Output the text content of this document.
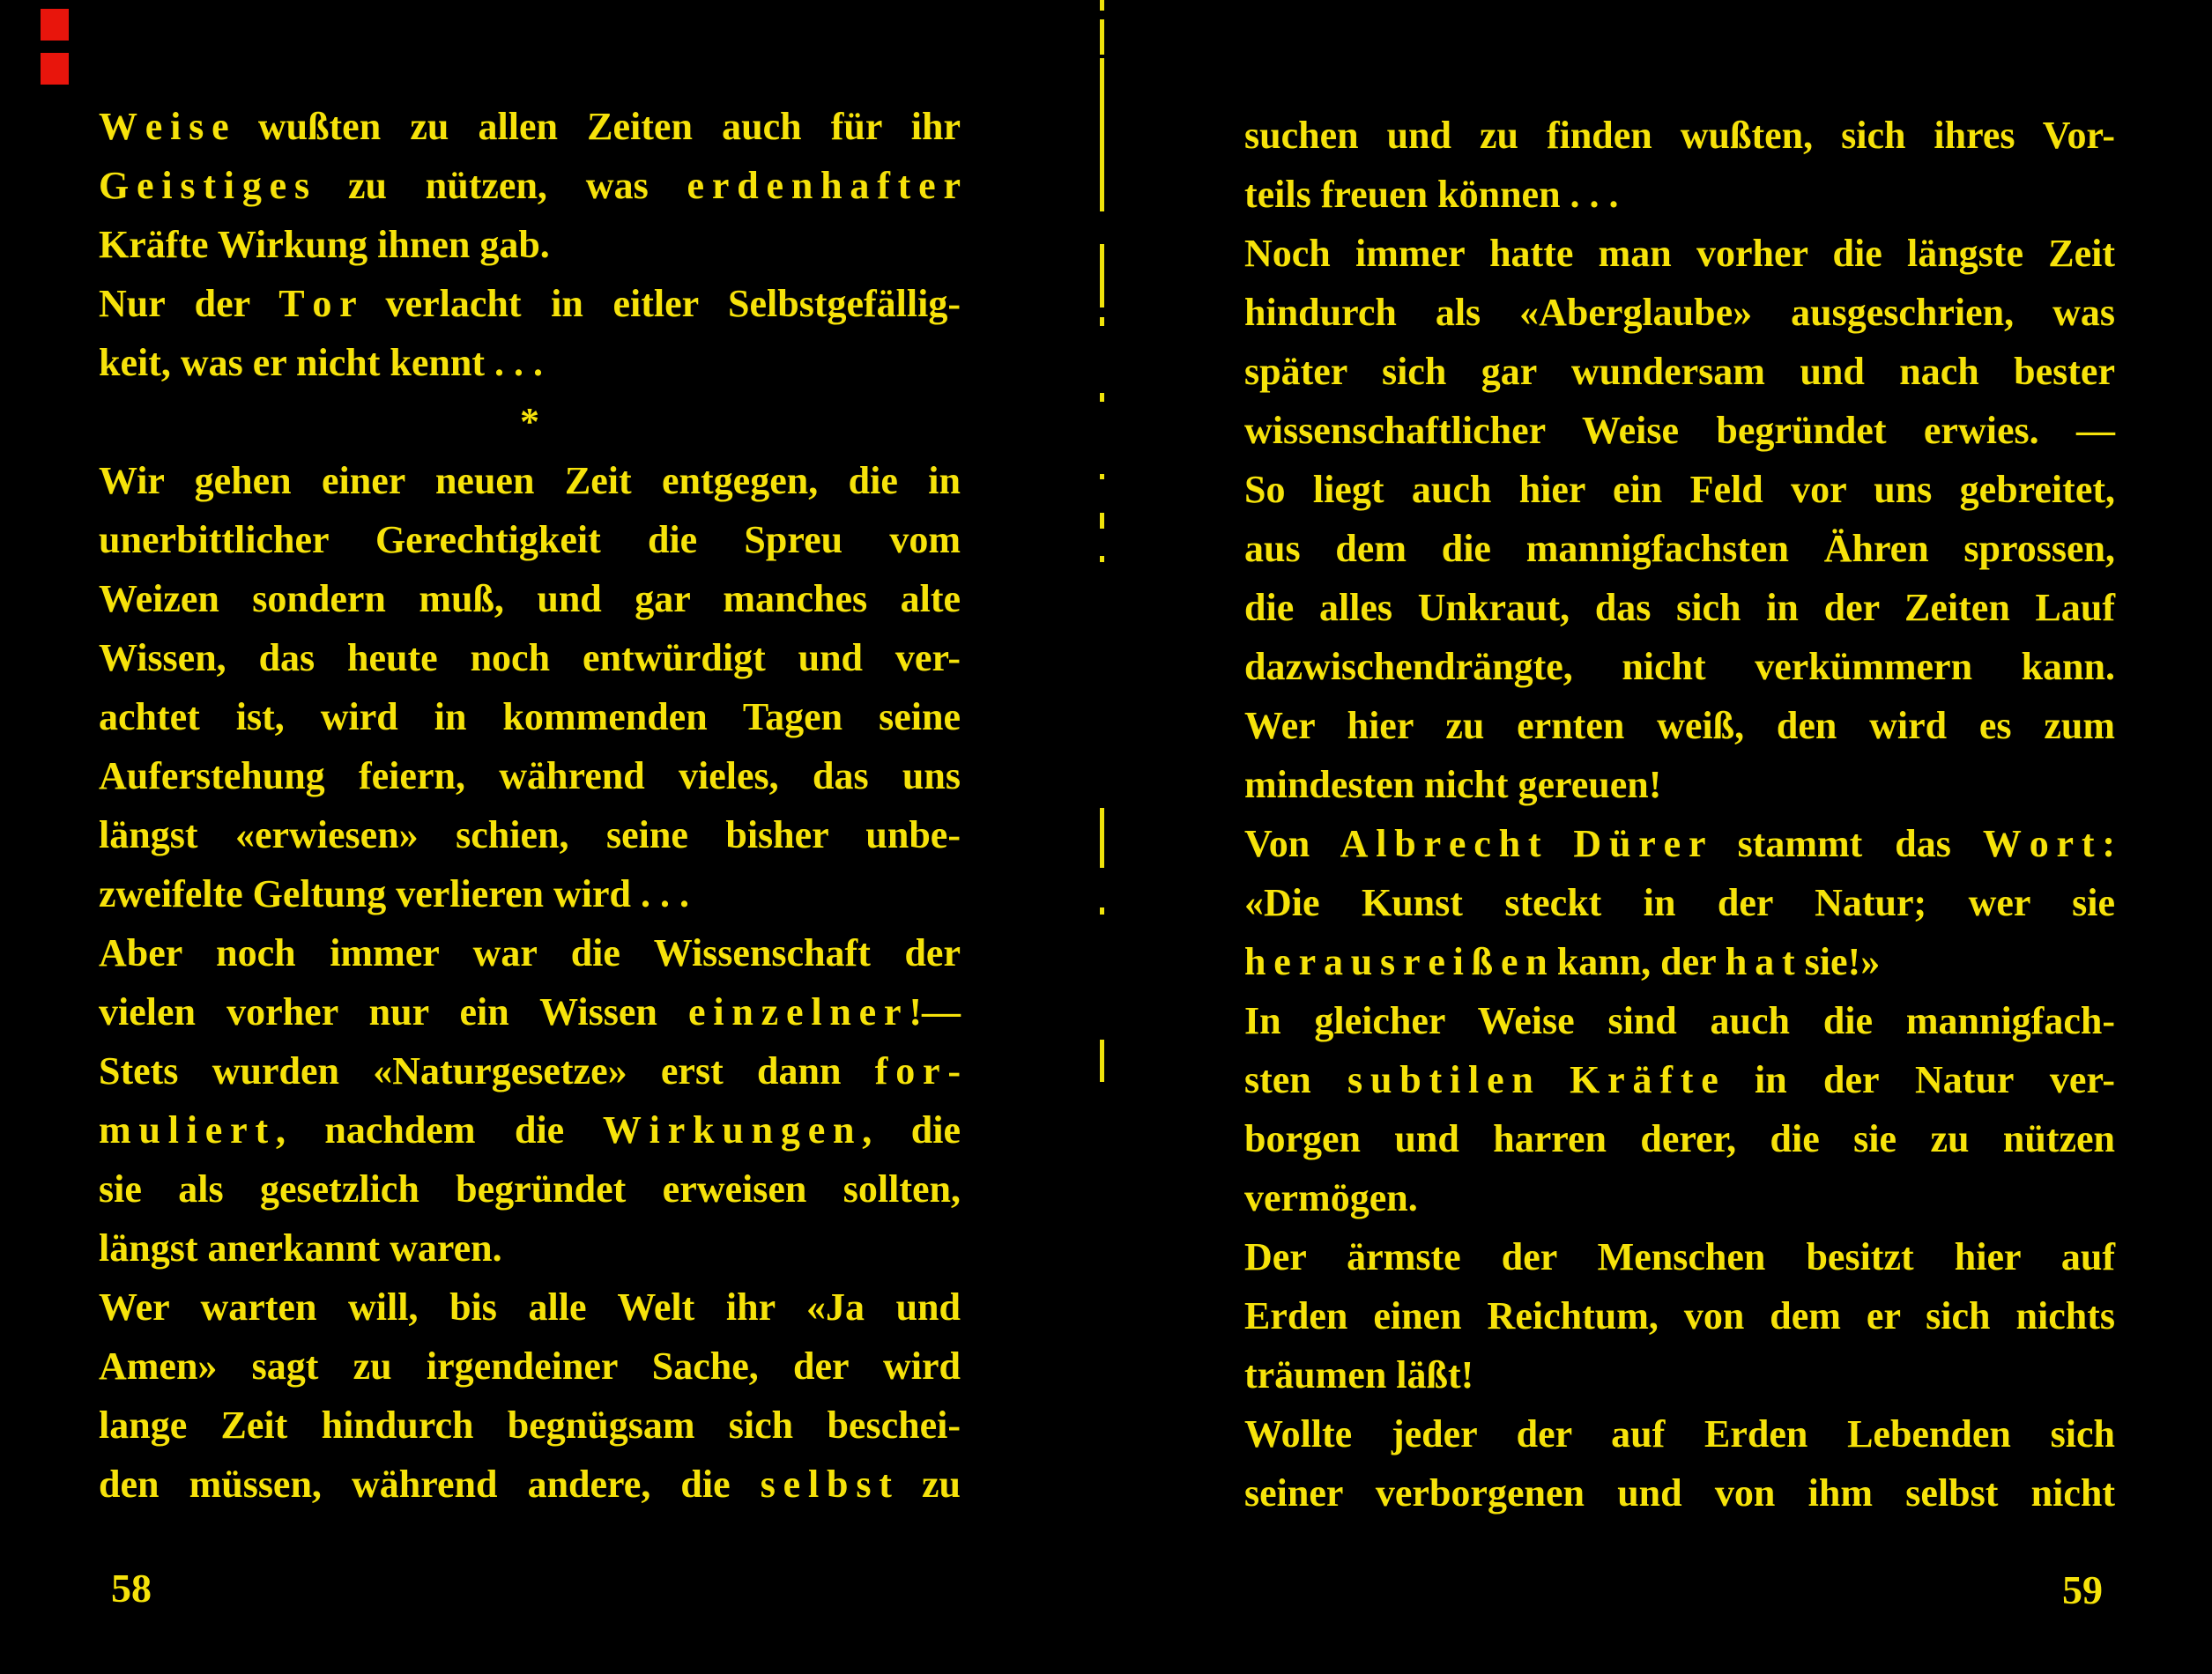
W e i s e wußten zu allen Zeiten auch für ihr
G e i s t i g e s zu nützen, was e r d e n h a f t e r
Kräfte Wirkung ihnen gab.
Nur der T o r verlacht in eitler Selbstgefällig-
keit, was er nicht kennt . . .
*
Wir gehen einer neuen Zeit entgegen, die in
unerbittlicher Gerechtigkeit die Spreu vom
Weizen sondern muß, und gar manches alte
Wissen, das heute noch entwürdigt und ver-
achtet ist, wird in kommenden Tagen seine
Auferstehung feiern, während vieles, das uns
längst «erwiesen» schien, seine bisher unbe-
zweifelte Geltung verlieren wird . . .
Aber noch immer war die Wissenschaft der
vielen vorher nur ein Wissen e i n z e l n e r !—
Stets wurden «Naturgesetze» erst dann f o r -
m u l i e r t , nachdem die W i r k u n g e n , die
sie als gesetzlich begründet erweisen sollten,
längst anerkannt waren.
Wer warten will, bis alle Welt ihr «Ja und
Amen» sagt zu irgendeiner Sache, der wird
lange Zeit hindurch begnügsam sich beschei-
den müssen, während andere, die s e l b s t zu
58
suchen und zu finden wußten, sich ihres Vor-
teils freuen können . . .
Noch immer hatte man vorher die längste Zeit
hindurch als «Aberglaube» ausgeschrien, was
später sich gar wundersam und nach bester
wissenschaftlicher Weise begründet erwies. —
So liegt auch hier ein Feld vor uns gebreitet,
aus dem die mannigfachsten Ähren sprossen,
die alles Unkraut, das sich in der Zeiten Lauf
dazwischendrängte, nicht verkümmern kann.
Wer hier zu ernten weiß, den wird es zum
mindesten nicht gereuen!
Von A l b r e c h t D ü r e r stammt das W o r t :
«Die Kunst steckt in der Natur; wer sie
h e r a u s r e i ß e n kann, der h a t sie!»
In gleicher Weise sind auch die mannigfach-
sten s u b t i l e n K r ä f t e in der Natur ver-
borgen und harren derer, die sie zu nützen
vermögen.
Der ärmste der Menschen besitzt hier auf
Erden einen Reichtum, von dem er sich nichts
träumen läßt!
Wollte jeder der auf Erden Lebenden sich
seiner verborgenen und von ihm selbst nicht
59
